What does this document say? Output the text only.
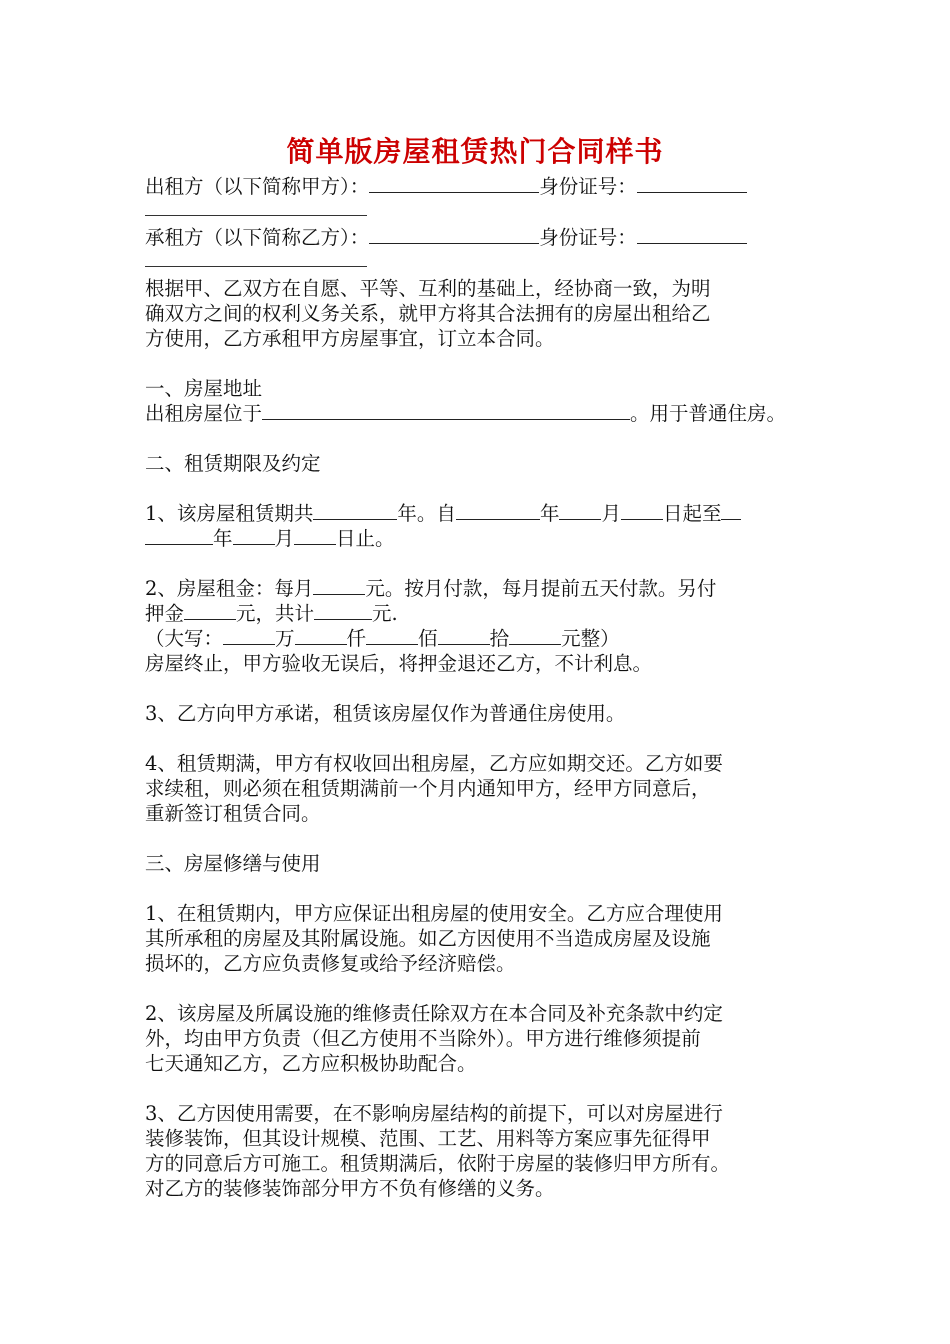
简单版房屋租赁热门合同样书
出租方（以下简称甲方）：	身份证号：
承租方（以下简称乙方）：	身份证号：
根据甲、乙双方在自愿、平等、互利的基础上，经协商一致，为明
确双方之间的权利义务关系，就甲方将其合法拥有的房屋出租给乙
方使用，乙方承租甲方房屋事宜，订立本合同。
一、房屋地址
出租房屋位于	。用于普通住房。
二、租赁期限及约定
1、该房屋租赁期共	年。自	年 月 日起至
年 月 日止。
2、房屋租金：每月	元。按月付款，每月提前五天付款。另付
押金	元，共计	元.
（大写：	万	仟	佰	拾	元整）
房屋终止，甲方验收无误后，将押金退还乙方，不计利息。
3、乙方向甲方承诺，租赁该房屋仅作为普通住房使用。
4、租赁期满，甲方有权收回出租房屋，乙方应如期交还。乙方如要
求续租，则必须在租赁期满前一个月内通知甲方，经甲方同意后，
重新签订租赁合同。
三、房屋修缮与使用
1、在租赁期内，甲方应保证出租房屋的使用安全。乙方应合理使用
其所承租的房屋及其附属设施。如乙方因使用不当造成房屋及设施
损坏的，乙方应负责修复或给予经济赔偿。
2、该房屋及所属设施的维修责任除双方在本合同及补充条款中约定
外，均由甲方负责（但乙方使用不当除外）。甲方进行维修须提前
七天通知乙方，乙方应积极协助配合。
3、乙方因使用需要，在不影响房屋结构的前提下，可以对房屋进行
装修装饰，但其设计规模、范围、工艺、用料等方案应事先征得甲
方的同意后方可施工。租赁期满后，依附于房屋的装修归甲方所有。
对乙方的装修装饰部分甲方不负有修缮的义务。
